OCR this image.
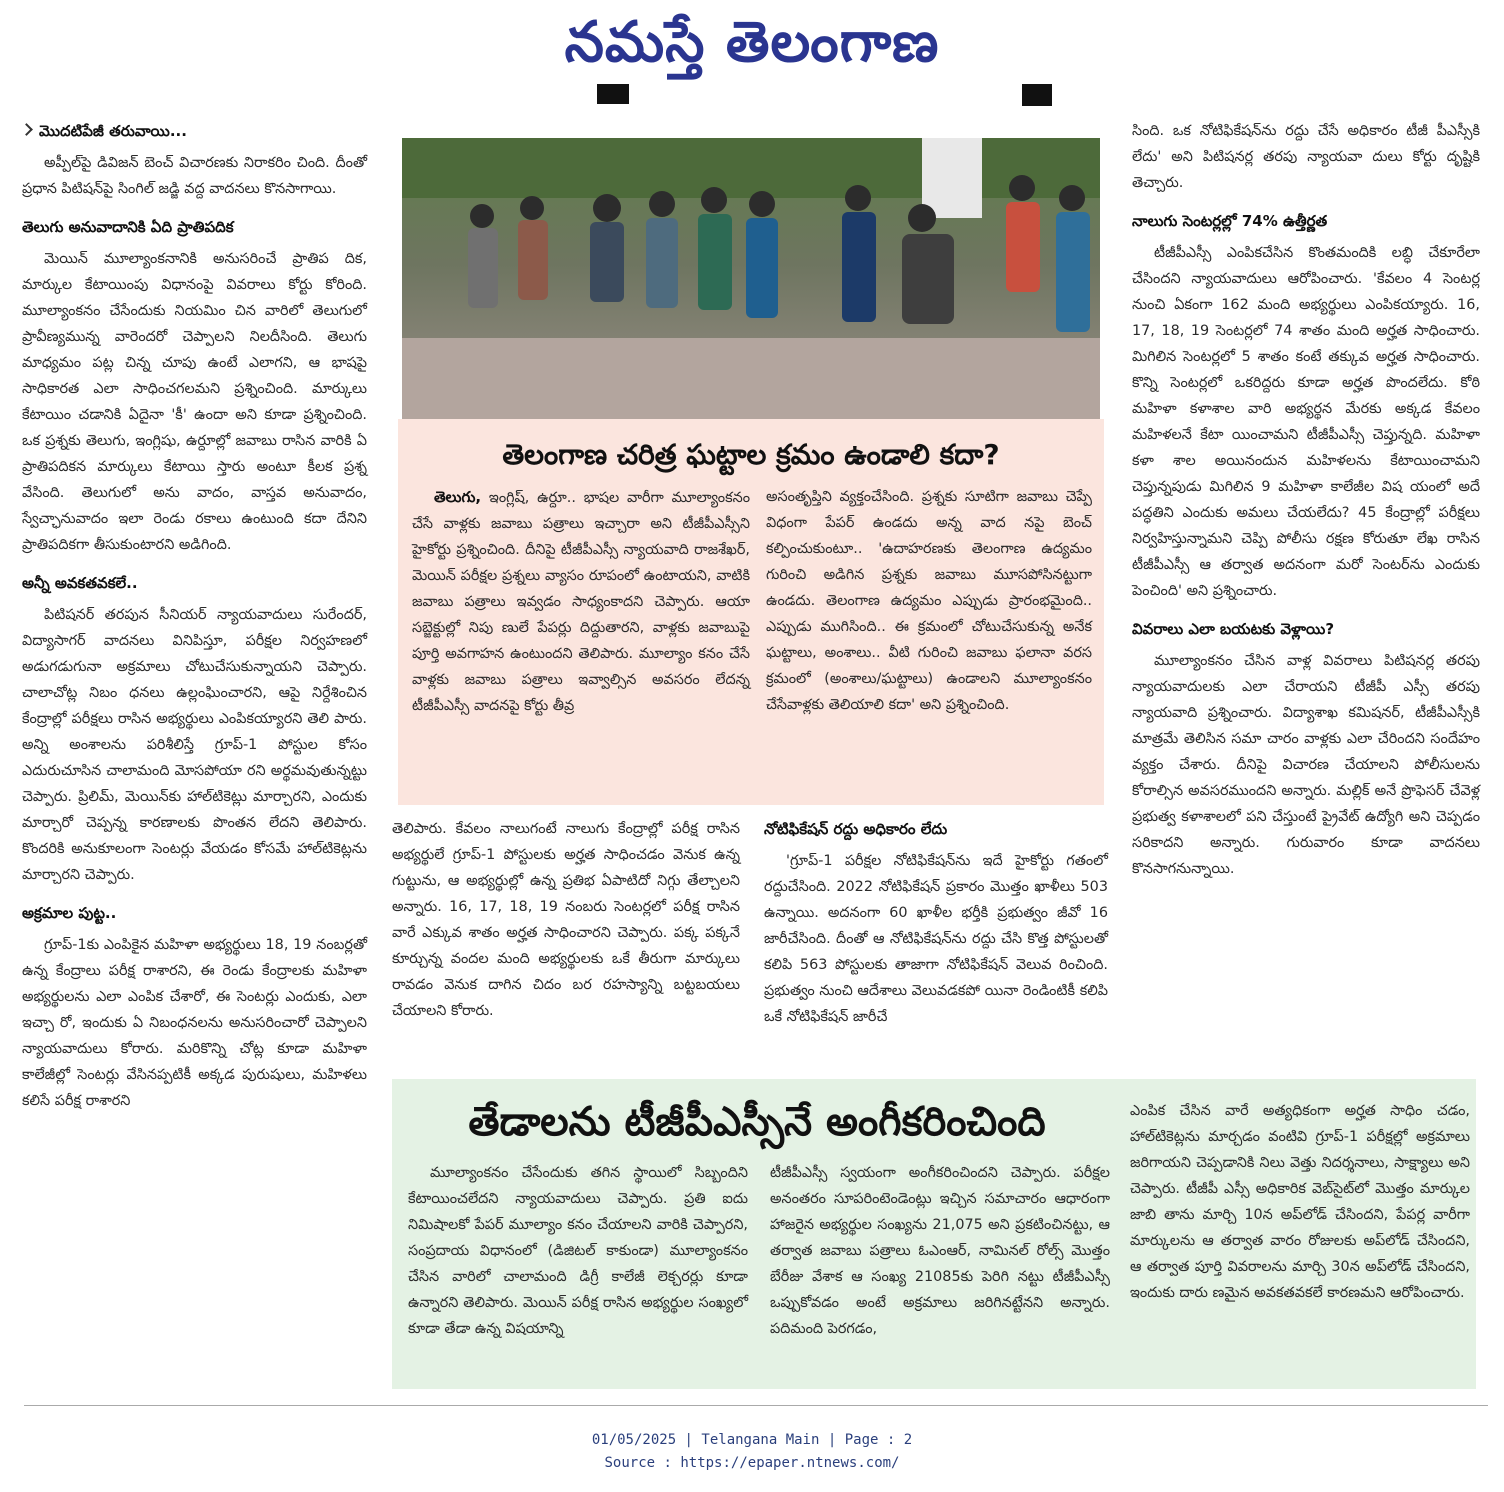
నమస్తే తెలంగాణ
మొదటిపేజీ తరువాయి...

అప్పీల్‌పై డివిజన్ బెంచ్ విచారణకు నిరాకరిం చింది. దీంతో ప్రధాన పిటిషన్‌పై సింగిల్ జడ్జి వద్ద వాదనలు కొనసాగాయి.

తెలుగు అనువాదానికి ఏది ప్రాతిపదిక

మెయిన్ మూల్యాంకనానికి అనుసరించే ప్రాతిప దిక, మార్కుల కేటాయింపు విధానంపై వివరాలు కోర్టు కోరింది. మూల్యాంకనం చేసేందుకు నియమిం చిన వారిలో తెలుగులో ప్రావీణ్యమున్న వారెందరో చెప్పాలని నిలదీసింది. తెలుగు మాధ్యమం పట్ల చిన్న చూపు ఉంటే ఎలాగని, ఆ భాషపై సాధికారత ఎలా సాధించగలమని ప్రశ్నించింది. మార్కులు కేటాయిం చడానికి ఏదైనా 'కీ' ఉందా అని కూడా ప్రశ్నించింది. ఒక ప్రశ్నకు తెలుగు, ఇంగ్లిషు, ఉర్దూల్లో జవాబు రాసిన వారికి ఏ ప్రాతిపదికన మార్కులు కేటాయి స్తారు అంటూ కీలక ప్రశ్న వేసింది. తెలుగులో అను వాదం, వాస్తవ అనువాదం, స్వేచ్ఛానువాదం ఇలా రెండు రకాలు ఉంటుంది కదా దేనిని ప్రాతిపదికగా తీసుకుంటారని అడిగింది.

అన్నీ అవకతవకలే..

పిటిషనర్ తరపున సీనియర్ న్యాయవాదులు సురేందర్, విద్యాసాగర్ వాదనలు వినిపిస్తూ, పరీక్షల నిర్వహణలో అడుగడుగునా అక్రమాలు చోటుచేసుకున్నాయని చెప్పారు. చాలాచోట్ల నిబం ధనలు ఉల్లంఘించారని, ఆపై నిర్దేశించిన కేంద్రాల్లో పరీక్షలు రాసిన అభ్యర్థులు ఎంపికయ్యారని తెలి పారు. అన్ని అంశాలను పరిశీలిస్తే గ్రూప్-1 పోస్టుల కోసం ఎదురుచూసిన చాలామంది మోసపోయా రని అర్థమవుతున్నట్టు చెప్పారు. ప్రిలిమ్, మెయిన్‌కు హాల్‌టికెట్లు మార్చారని, ఎందుకు మార్చారో చెప్పన్న కారణాలకు పొంతన లేదని తెలిపారు. కొందరికి అనుకూలంగా సెంటర్లు వేయడం కోసమే హాల్‌టికెట్లను మార్చారని చెప్పారు.

అక్రమాల పుట్ట..

గ్రూప్-1కు ఎంపికైన మహిళా అభ్యర్థులు 18, 19 నంబర్లతో ఉన్న కేంద్రాలు పరీక్ష రాశారని, ఈ రెండు కేంద్రాలకు మహిళా అభ్యర్థులను ఎలా ఎంపిక చేశారో, ఈ సెంటర్లు ఎందుకు, ఎలా ఇచ్చా రో, ఇందుకు ఏ నిబంధనలను అనుసరించారో చెప్పాలని న్యాయవాదులు కోరారు. మరికొన్ని చోట్ల కూడా మహిళా కాలేజీల్లో సెంటర్లు వేసినప్పటికీ అక్కడ పురుషులు, మహిళలు కలిసే పరీక్ష రాశారని

తెలంగాణ చరిత్ర ఘట్టాల క్రమం ఉండాలి కదా?

తెలుగు, ఇంగ్లిష్, ఉర్దూ.. భాషల వారీగా మూల్యాంకనం చేసే వాళ్లకు జవాబు పత్రాలు ఇచ్చారా అని టీజీపీఎస్సీని హైకోర్టు ప్రశ్నించింది. దీనిపై టీజీపీఎస్సీ న్యాయవాది రాజశేఖర్, మెయిన్ పరీక్షల ప్రశ్నలు వ్యాసం రూపంలో ఉంటాయని, వాటికి జవాబు పత్రాలు ఇవ్వడం సాధ్యంకాదని చెప్పారు. ఆయా సబ్జెక్టుల్లో నిపు ణులే పేపర్లు దిద్దుతారని, వాళ్లకు జవాబుపై పూర్తి అవగాహన ఉంటుందని తెలిపారు. మూల్యాం కనం చేసే వాళ్లకు జవాబు పత్రాలు ఇవ్వాల్సిన అవసరం లేదన్న టీజీపీఎస్సీ వాదనపై కోర్టు తీవ్ర

అసంతృప్తిని వ్యక్తంచేసింది. ప్రశ్నకు సూటిగా జవాబు చెప్పే విధంగా పేపర్ ఉండదు అన్న వాద నపై బెంచ్ కల్పించుకుంటూ.. 'ఉదాహరణకు తెలంగాణ ఉద్యమం గురించి అడిగిన ప్రశ్నకు జవాబు మూసపోసినట్టుగా ఉండదు. తెలంగాణ ఉద్యమం ఎప్పుడు ప్రారంభమైంది.. ఎప్పుడు ముగిసింది.. ఈ క్రమంలో చోటుచేసుకున్న అనేక ఘట్టాలు, అంశాలు.. వీటి గురించి జవాబు ఫలానా వరస క్రమంలో (అంశాలు/ఘట్టాలు) ఉండాలని మూల్యాంకనం చేసేవాళ్లకు తెలియాలి కదా' అని ప్రశ్నించింది.

తెలిపారు. కేవలం నాలుగంటే నాలుగు కేంద్రాల్లో పరీక్ష రాసిన అభ్యర్థులే గ్రూప్-1 పోస్టులకు అర్హత సాధించడం వెనుక ఉన్న గుట్టును, ఆ అభ్యర్థుల్లో ఉన్న ప్రతిభ ఏపాటిదో నిగ్గు తేల్చాలని అన్నారు. 16, 17, 18, 19 నంబరు సెంటర్లలో పరీక్ష రాసిన వారే ఎక్కువ శాతం అర్హత సాధించారని చెప్పారు. పక్క పక్కనే కూర్చున్న వందల మంది అభ్యర్థులకు ఒకే తీరుగా మార్కులు రావడం వెనుక దాగిన చిదం బర రహస్యాన్ని బట్టబయలు చేయాలని కోరారు.

నోటిఫికేషన్ రద్దు అధికారం లేదు

'గ్రూప్-1 పరీక్షల నోటిఫికేషన్‌ను ఇదే హైకోర్టు గతంలో రద్దుచేసింది. 2022 నోటిఫికేషన్ ప్రకారం మొత్తం ఖాళీలు 503 ఉన్నాయి. అదనంగా 60 ఖాళీల భర్తీకి ప్రభుత్వం జీవో 16 జారీచేసింది. దీంతో ఆ నోటిఫికేషన్‌ను రద్దు చేసి కొత్త పోస్టులతో కలిపి 563 పోస్టులకు తాజాగా నోటిఫికేషన్ వెలువ రించింది. ప్రభుత్వం నుంచి ఆదేశాలు వెలువడకపో యినా రెండింటికీ కలిపి ఒకే నోటిఫికేషన్ జారీచే

సింది. ఒక నోటిఫికేషన్‌ను రద్దు చేసే అధికారం టీజీ పీఎస్సీకి లేదు' అని పిటిషనర్ల తరపు న్యాయవా దులు కోర్టు దృష్టికి తెచ్చారు.

నాలుగు సెంటర్లల్లో 74% ఉత్తీర్ణత

టీజీపీఎస్సీ ఎంపికచేసిన కొంతమందికి లబ్ధి చేకూరేలా చేసిందని న్యాయవాదులు ఆరోపించారు. 'కేవలం 4 సెంటర్ల నుంచి ఏకంగా 162 మంది అభ్యర్థులు ఎంపికయ్యారు. 16, 17, 18, 19 సెంటర్లలో 74 శాతం మంది అర్హత సాధించారు. మిగిలిన సెంటర్లలో 5 శాతం కంటే తక్కువ అర్హత సాధించారు. కొన్ని సెంటర్లలో ఒకరిద్దరు కూడా అర్హత పొందలేదు. కోఠి మహిళా కళాశాల వారి అభ్యర్థన మేరకు అక్కడ కేవలం మహిళలనే కేటా యించామని టీజీపీఎస్సీ చెప్తున్నది. మహిళా కళా శాల అయినందున మహిళలను కేటాయించామని చెప్తున్నపుడు మిగిలిన 9 మహిళా కాలేజీల విష యంలో అదే పద్ధతిని ఎందుకు అమలు చేయలేదు? 45 కేంద్రాల్లో పరీక్షలు నిర్వహిస్తున్నామని చెప్పి పోలీసు రక్షణ కోరుతూ లేఖ రాసిన టీజీపీఎస్సీ ఆ తర్వాత అదనంగా మరో సెంటర్‌ను ఎందుకు పెంచింది' అని ప్రశ్నించారు.

వివరాలు ఎలా బయటకు వెళ్లాయి?

మూల్యాంకనం చేసిన వాళ్ల వివరాలు పిటిషనర్ల తరపు న్యాయవాదులకు ఎలా చేరాయని టీజీపీ ఎస్సీ తరపు న్యాయవాది ప్రశ్నించారు. విద్యాశాఖ కమిషనర్, టీజీపీఎస్సీకి మాత్రమే తెలిసిన సమా చారం వాళ్లకు ఎలా చేరిందని సందేహం వ్యక్తం చేశారు. దీనిపై విచారణ చేయాలని పోలీసులను కోరాల్సిన అవసరముందని అన్నారు. మల్లిక్ అనే ప్రొఫెసర్ చేవెళ్ల ప్రభుత్వ కళాశాలలో పని చేస్తుంటే ప్రైవేట్ ఉద్యోగి అని చెప్పడం సరికాదని అన్నారు. గురువారం కూడా వాదనలు కొనసాగనున్నాయి.

తేడాలను టీజీపీఎస్సీనే అంగీకరించింది

మూల్యాంకనం చేసేందుకు తగిన స్థాయిలో సిబ్బందిని కేటాయించలేదని న్యాయవాదులు చెప్పారు. ప్రతి ఐదు నిమిషాలకో పేపర్ మూల్యాం కనం చేయాలని వారికి చెప్పారని, సంప్రదాయ విధానంలో (డిజిటల్ కాకుండా) మూల్యాంకనం చేసిన వారిలో చాలామంది డిగ్రీ కాలేజీ లెక్చరర్లు కూడా ఉన్నారని తెలిపారు. మెయిన్ పరీక్ష రాసిన అభ్యర్థుల సంఖ్యలో కూడా తేడా ఉన్న విషయాన్ని

టీజీపీఎస్సీ స్వయంగా అంగీకరించిందని చెప్పారు. పరీక్షల అనంతరం సూపరింటెండెంట్లు ఇచ్చిన సమాచారం ఆధారంగా హాజరైన అభ్యర్థుల సంఖ్యను 21,075 అని ప్రకటించినట్టు, ఆ తర్వాత జవాబు పత్రాలు ఓఎంఆర్, నామినల్ రోల్స్ మొత్తం బేరీజు వేశాక ఆ సంఖ్య 21085కు పెరిగి నట్టు టీజీపీఎస్సీ ఒప్పుకోవడం అంటే అక్రమాలు జరిగినట్టేనని అన్నారు. పదిమంది పెరగడం,

ఎంపిక చేసిన వారే అత్యధికంగా అర్హత సాధిం చడం, హాల్‌టికెట్లను మార్చడం వంటివి గ్రూప్-1 పరీక్షల్లో అక్రమాలు జరిగాయని చెప్పడానికి నిలు వెత్తు నిదర్శనాలు, సాక్ష్యాలు అని చెప్పారు. టీజీపీ ఎస్సీ అధికారిక వెబ్‌సైట్‌లో మొత్తం మార్కుల జాబి తాను మార్చి 10న అప్‌లోడ్ చేసిందని, పేపర్ల వారీగా మార్కులను ఆ తర్వాత వారం రోజులకు అప్‌లోడ్ చేసిందని, ఆ తర్వాత పూర్తి వివరాలను మార్చి 30న అప్‌లోడ్ చేసిందని, ఇందుకు దారు ణమైన అవకతవకలే కారణమని ఆరోపించారు.

01/05/2025 | Telangana Main | Page : 2
Source : https://epaper.ntnews.com/
